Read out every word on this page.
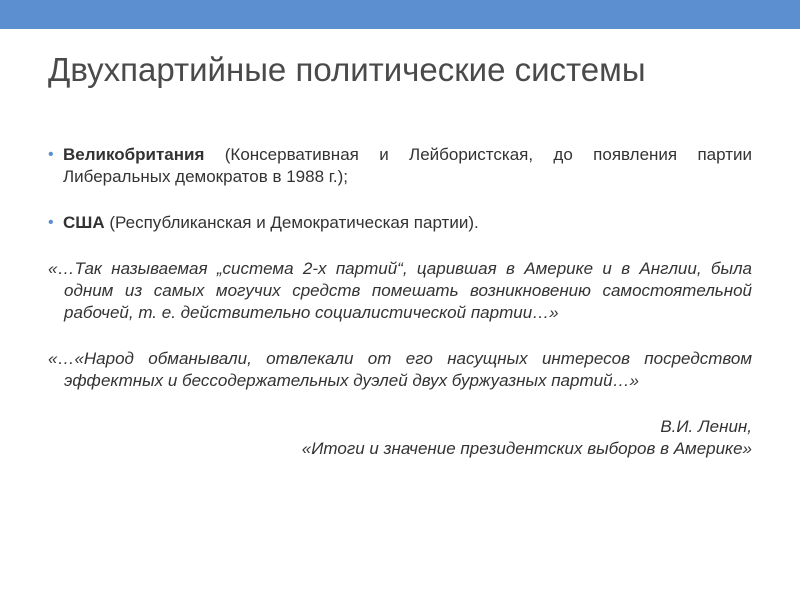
Двухпартийные политические системы
• Великобритания (Консервативная и Лейбористская, до появления партии Либеральных демократов в 1988 г.);
• США (Республиканская и Демократическая партии).
«…Так называемая „система 2-х партий“, царившая в Америке и в Англии, была одним из самых могучих средств помешать возникновению самостоятельной рабочей, т. е. действительно социалистической партии…»
«…«Народ обманывали, отвлекали от его насущных интересов посредством эффектных и бессодержательных дуэлей двух буржуазных партий…»
В.И. Ленин,
«Итоги и значение президентских выборов в Америке»
